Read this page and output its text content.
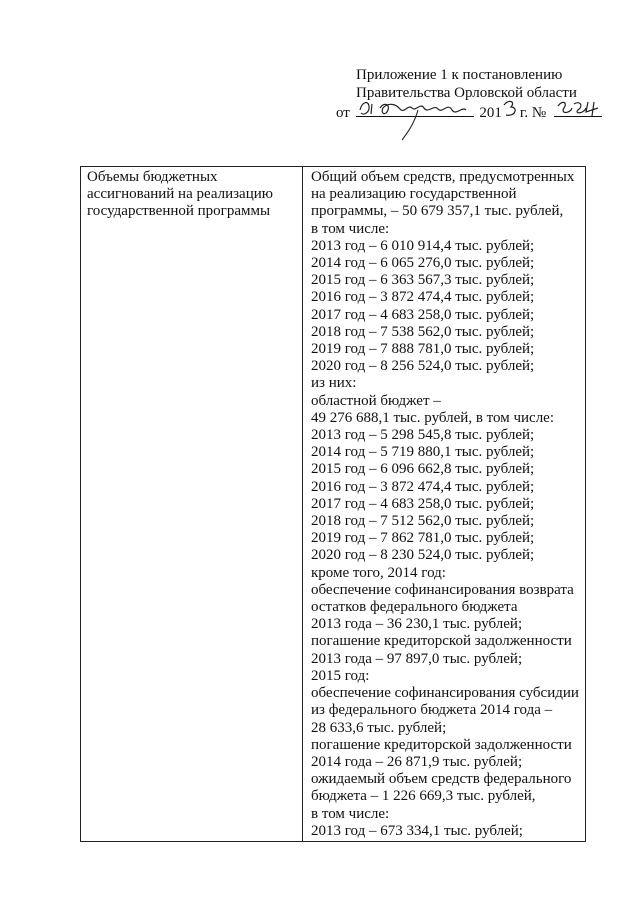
Приложение 1 к постановлению
Правительства Орловской области
от	201 г. №
Объемы бюджетных
ассигнований на реализацию
государственной программы
Общий объем средств, предусмотренных
на реализацию государственной
программы, – 50 679 357,1 тыс. рублей,
в том числе:
2013 год – 6 010 914,4 тыс. рублей;
2014 год – 6 065 276,0 тыс. рублей;
2015 год – 6 363 567,3 тыс. рублей;
2016 год – 3 872 474,4 тыс. рублей;
2017 год – 4 683 258,0 тыс. рублей;
2018 год – 7 538 562,0 тыс. рублей;
2019 год – 7 888 781,0 тыс. рублей;
2020 год – 8 256 524,0 тыс. рублей;
из них:
областной бюджет –
49 276 688,1 тыс. рублей, в том числе:
2013 год – 5 298 545,8 тыс. рублей;
2014 год – 5 719 880,1 тыс. рублей;
2015 год – 6 096 662,8 тыс. рублей;
2016 год – 3 872 474,4 тыс. рублей;
2017 год – 4 683 258,0 тыс. рублей;
2018 год – 7 512 562,0 тыс. рублей;
2019 год – 7 862 781,0 тыс. рублей;
2020 год – 8 230 524,0 тыс. рублей;
кроме того, 2014 год:
обеспечение софинансирования возврата
остатков федерального бюджета
2013 года – 36 230,1 тыс. рублей;
погашение кредиторской задолженности
2013 года – 97 897,0 тыс. рублей;
2015 год:
обеспечение софинансирования субсидии
из федерального бюджета 2014 года –
28 633,6 тыс. рублей;
погашение кредиторской задолженности
2014 года – 26 871,9 тыс. рублей;
ожидаемый объем средств федерального
бюджета – 1 226 669,3 тыс. рублей,
в том числе:
2013 год – 673 334,1 тыс. рублей;
